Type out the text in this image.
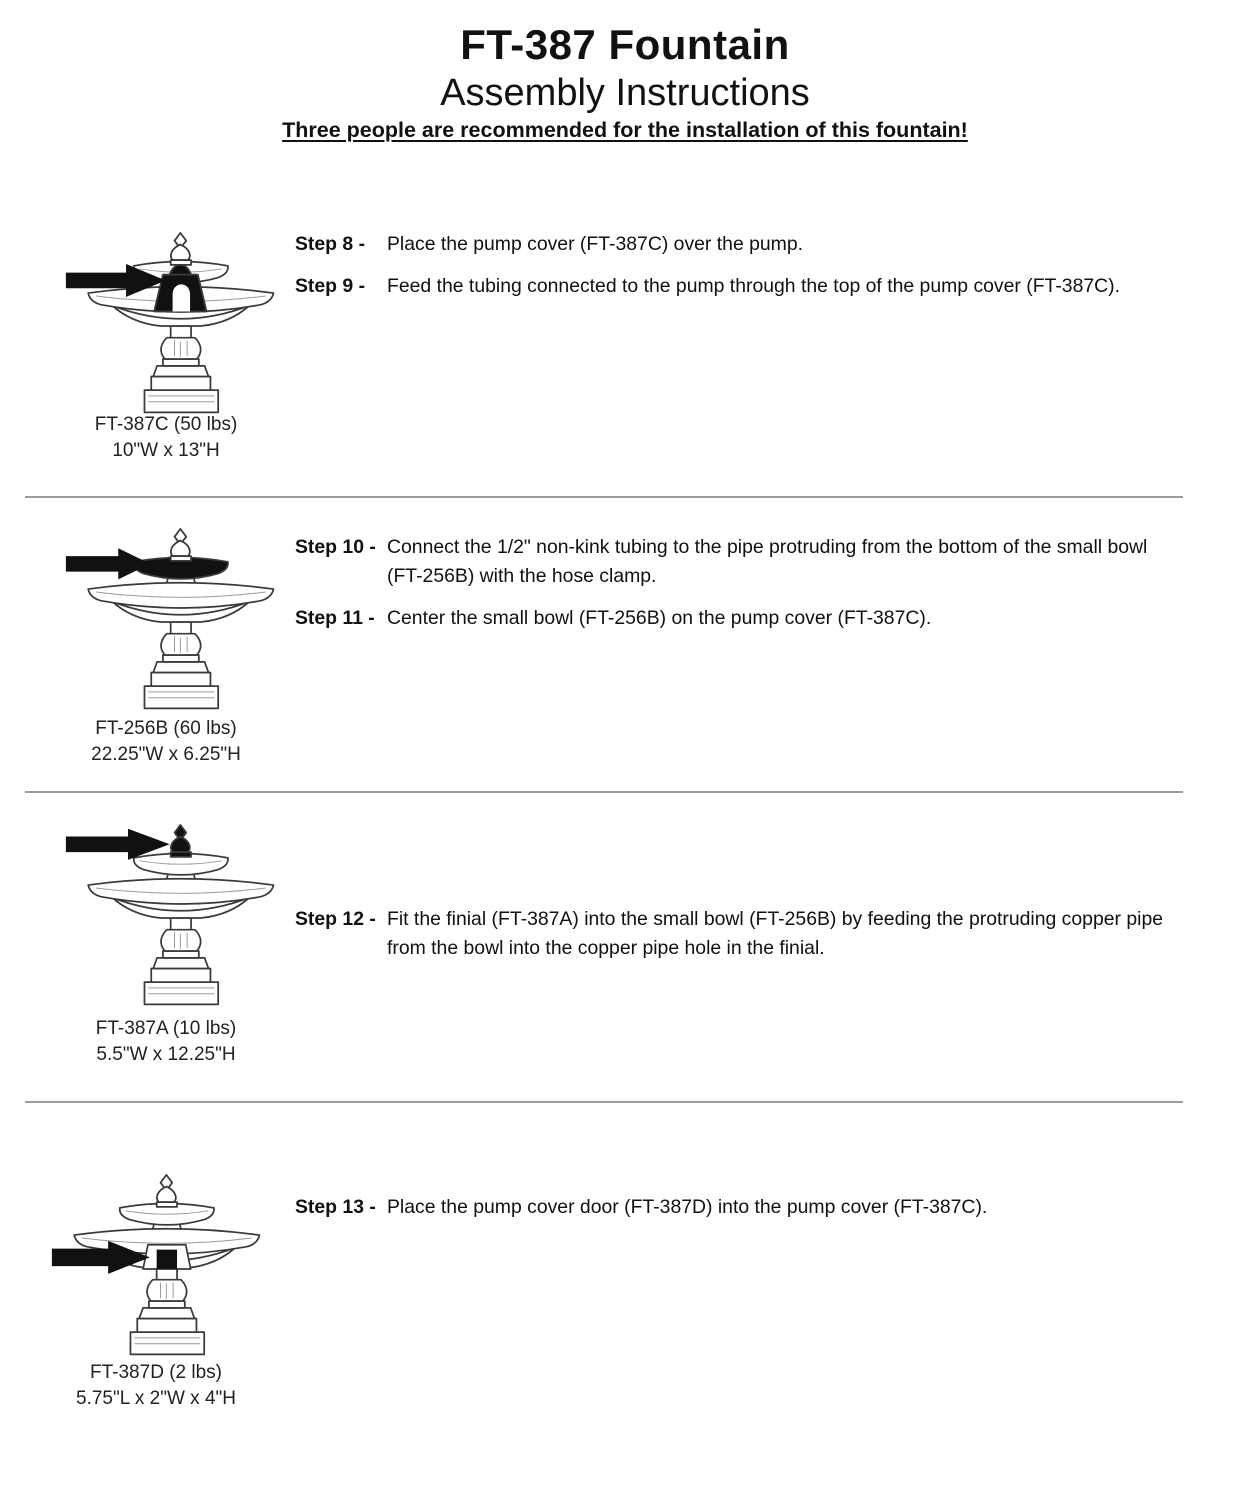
FT-387 Fountain
Assembly Instructions
Three people are recommended for the installation of this fountain!
FT-387C (50 lbs)
10"W x 13"H
Step 8 -	Place the pump cover (FT-387C) over the pump.
Step 9 -	Feed the tubing connected to the pump through the top of the pump cover (FT-387C).
FT-256B (60 lbs)
22.25"W x 6.25"H
Step 10 - Connect the 1/2" non-kink tubing to the pipe protruding from the bottom of the small bowl (FT-256B) with the hose clamp.
Step 11 - Center the small bowl (FT-256B) on the pump cover (FT-387C).
FT-387A (10 lbs)
5.5"W x 12.25"H
Step 12 - Fit the finial (FT-387A) into the small bowl (FT-256B) by feeding the protruding copper pipe from the bowl into the copper pipe hole in the finial.
FT-387D (2 lbs)
5.75"L x 2"W x 4"H
Step 13 - Place the pump cover door (FT-387D) into the pump cover (FT-387C).
